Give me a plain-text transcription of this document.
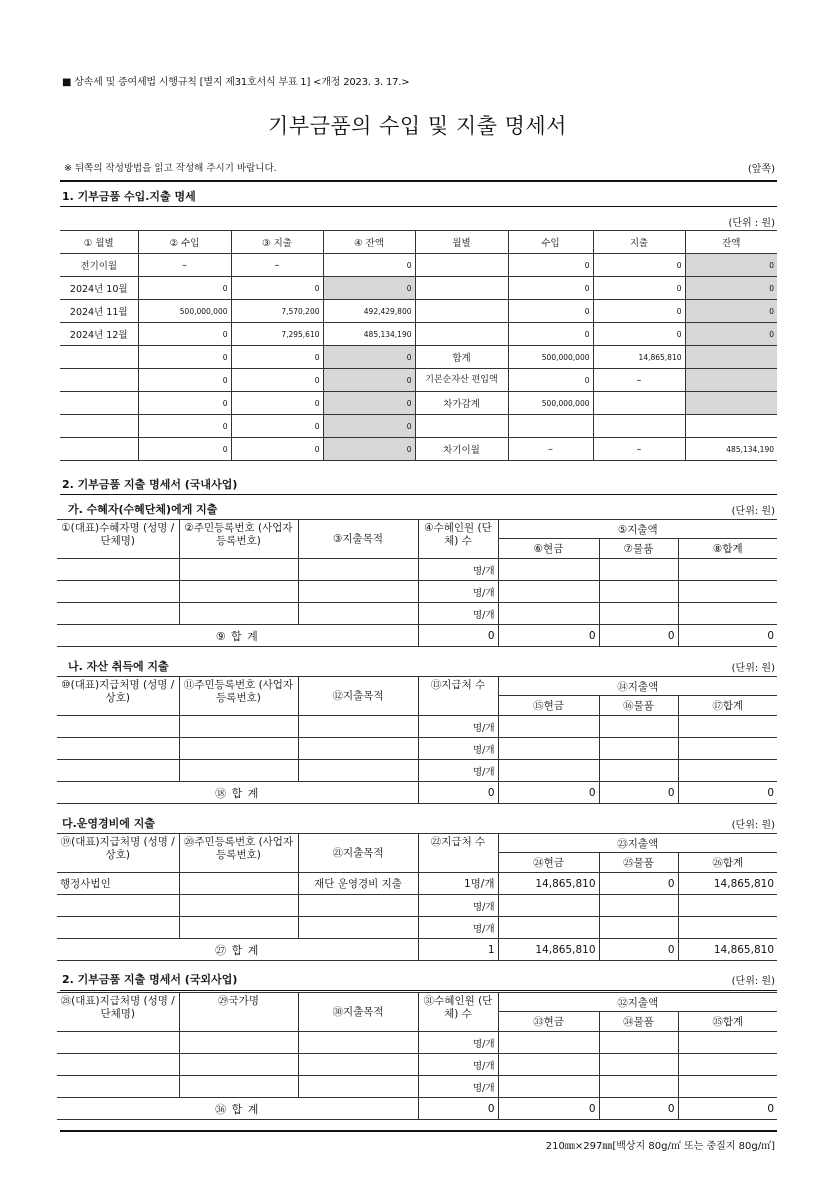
■ 상속세 및 증여세법 시행규칙 [별지 제31호서식 부표 1] <개정 2023. 3. 17.>
기부금품의 수입 및 지출 명세서
※ 뒤쪽의 작성방법을 읽고 작성해 주시기 바랍니다.	(앞쪽)
1. 기부금품 수입.지출 명세
(단위 : 원)
① 월별	② 수입	③ 지출	④ 잔액	월별	수입	지출	잔액
전기이월	–	–	0		0	0	0
2024년 10월	0	0	0		0	0	0
2024년 11월	500,000,000	7,570,200	492,429,800		0	0	0
2024년 12월	0	7,295,610	485,134,190		0	0	0
	0	0	0	합계	500,000,000	14,865,810	
	0	0	0	기본순자산 편입액	0	–	
	0	0	0	차가감계	500,000,000		
	0	0	0				
	0	0	0	차기이월	–	–	485,134,190
2. 기부금품 지출 명세서 (국내사업)
가. 수혜자(수혜단체)에게 지출	(단위: 원)
①(대표)수혜자명 (성명 / 단체명)	②주민등록번호 (사업자등록번호)	③지출목적	④수혜인원 (단체) 수	⑤지출액		
				⑥현금	⑦물품	⑧합계
			명/개			
			명/개			
			명/개			
⑨ 합 계			0	0	0	0
나. 자산 취득에 지출	(단위: 원)
⑩(대표)지급처명 (성명 / 상호)	⑪주민등록번호 (사업자등록번호)	⑫지출목적	⑬지급처 수	⑭지출액		
				⑮현금	⑯물품	⑰합계
			명/개			
			명/개			
			명/개			
⑱ 합 계			0	0	0	0
다.운영경비에 지출	(단위: 원)
⑲(대표)지급처명 (성명 / 상호)	⑳주민등록번호 (사업자등록번호)	㉑지출목적	㉒지급처 수	㉓지출액		
				㉔현금	㉕물품	㉖합계
행정사법인		재단 운영경비 지출	1명/개	14,865,810	0	14,865,810
			명/개			
			명/개			
㉗ 합 계			1	14,865,810	0	14,865,810
2. 기부금품 지출 명세서 (국외사업)	(단위: 원)
㉘(대표)지급처명 (성명 / 단체명)	㉙국가명	㉚지출목적	㉛수혜인원 (단체) 수	㉜지출액		
				㉝현금	㉞물품	㉟합계
			명/개			
			명/개			
			명/개			
㊱ 합 계			0	0	0	0
210㎜×297㎜[백상지 80g/㎡ 또는 중질지 80g/㎡]
